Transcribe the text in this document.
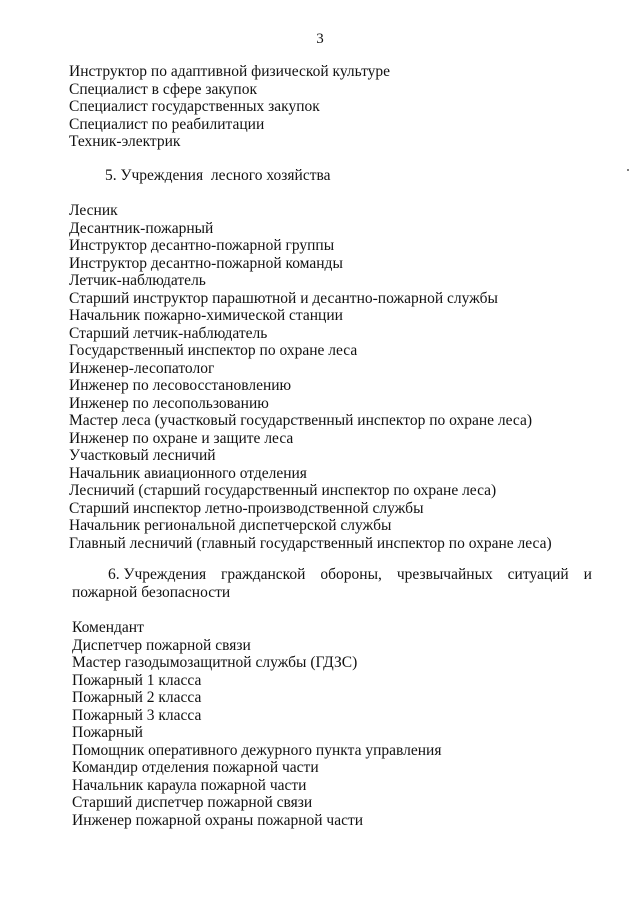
3
Инструктор по адаптивной физической культуре
Специалист в сфере закупок
Специалист государственных закупок
Специалист по реабилитации
Техник-электрик
5. Учреждения  лесного хозяйства
Лесник
Десантник-пожарный
Инструктор десантно-пожарной группы
Инструктор десантно-пожарной команды
Летчик-наблюдатель
Старший инструктор парашютной и десантно-пожарной службы
Начальник пожарно-химической станции
Старший летчик-наблюдатель
Государственный инспектор по охране леса
Инженер-лесопатолог
Инженер по лесовосстановлению
Инженер по лесопользованию
Мастер леса (участковый государственный инспектор по охране леса)
Инженер по охране и защите леса
Участковый лесничий
Начальник авиационного отделения
Лесничий (старший государственный инспектор по охране леса)
Старший инспектор летно-производственной службы
Начальник региональной диспетчерской службы
Главный лесничий (главный государственный инспектор по охране леса)
6. Учреждения гражданской обороны, чрезвычайных ситуаций и
пожарной безопасности
Комендант
Диспетчер пожарной связи
Мастер газодымозащитной службы (ГДЗС)
Пожарный 1 класса
Пожарный 2 класса
Пожарный 3 класса
Пожарный
Помощник оперативного дежурного пункта управления
Командир отделения пожарной части
Начальник караула пожарной части
Старший диспетчер пожарной связи
Инженер пожарной охраны пожарной части
